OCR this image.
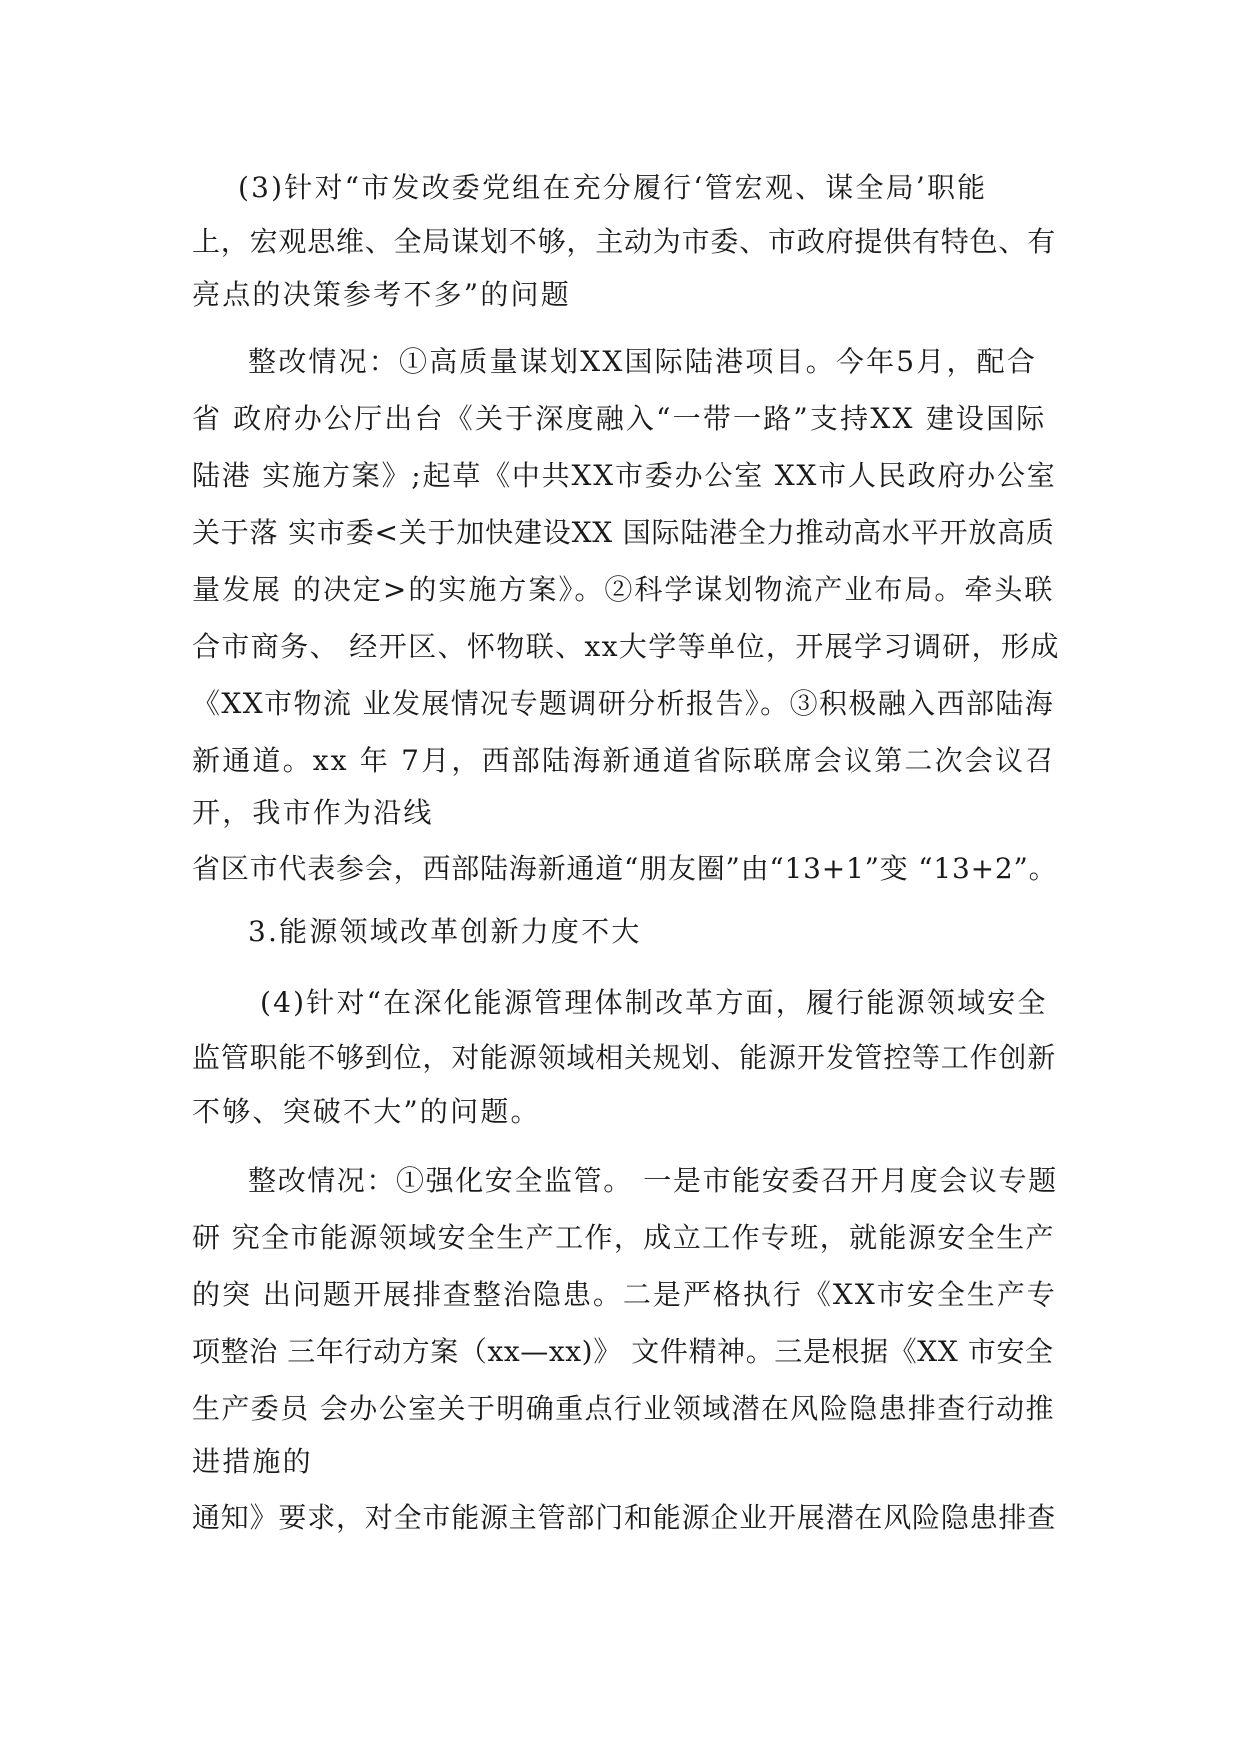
(3)针对“市发改委党组在充分履行‘管宏观、谋全局’职能
上，宏观思维、全局谋划不够，主动为市委、市政府提供有特色、有
亮点的决策参考不多”的问题
整改情况：①高质量谋划XX国际陆港项目。今年5月，配合
省 政府办公厅出台《关于深度融入“一带一路”支持XX 建设国际
陆港 实施方案》;起草《中共XX市委办公室 XX市人民政府办公室
关于落 实市委<关于加快建设XX 国际陆港全力推动高水平开放高质
量发展 的决定>的实施方案》。②科学谋划物流产业布局。牵头联
合市商务、 经开区、怀物联、xx大学等单位，开展学习调研，形成
《XX市物流 业发展情况专题调研分析报告》。③积极融入西部陆海
新通道。xx 年 7月，西部陆海新通道省际联席会议第二次会议召
开，我市作为沿线
省区市代表参会，西部陆海新通道“朋友圈”由“13+1”变 “13+2”。
3.能源领域改革创新力度不大
(4)针对“在深化能源管理体制改革方面，履行能源领域安全
监管职能不够到位，对能源领域相关规划、能源开发管控等工作创新
不够、突破不大”的问题。
整改情况：①强化安全监管。 一是市能安委召开月度会议专题
研 究全市能源领域安全生产工作，成立工作专班，就能源安全生产
的突 出问题开展排查整治隐患。二是严格执行《XX市安全生产专
项整治 三年行动方案（xx—xx)》 文件精神。三是根据《XX 市安全
生产委员 会办公室关于明确重点行业领域潜在风险隐患排查行动推
进措施的
通知》要求，对全市能源主管部门和能源企业开展潜在风险隐患排查
